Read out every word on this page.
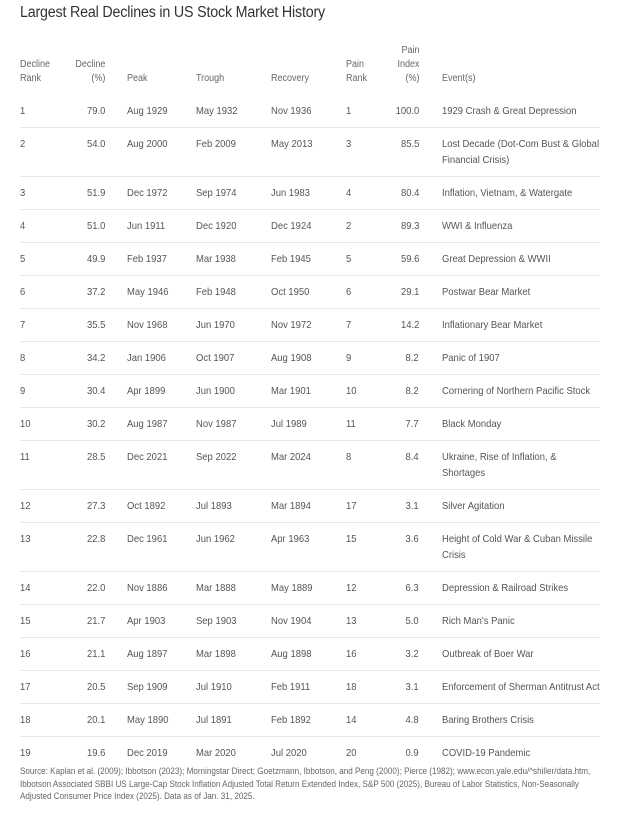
Largest Real Declines in US Stock Market History
Decline
Rank	Decline
(%)		Peak	Trough	Recovery	Pain
Rank	Pain
Index
(%)		Event(s)
1	79.0		Aug 1929	May 1932	Nov 1936	1	100.0		1929 Crash & Great Depression

2	54.0		Aug 2000	Feb 2009	May 2013	3	85.5		Lost Decade (Dot-Com Bust & Global Financial Crisis)

3	51.9		Dec 1972	Sep 1974	Jun 1983	4	80.4		Inflation, Vietnam, & Watergate

4	51.0		Jun 1911	Dec 1920	Dec 1924	2	89.3		WWI & Influenza

5	49.9		Feb 1937	Mar 1938	Feb 1945	5	59.6		Great Depression & WWII

6	37.2		May 1946	Feb 1948	Oct 1950	6	29.1		Postwar Bear Market

7	35.5		Nov 1968	Jun 1970	Nov 1972	7	14.2		Inflationary Bear Market

8	34.2		Jan 1906	Oct 1907	Aug 1908	9	8.2		Panic of 1907

9	30.4		Apr 1899	Jun 1900	Mar 1901	10	8.2		Cornering of Northern Pacific Stock

10	30.2		Aug 1987	Nov 1987	Jul 1989	11	7.7		Black Monday

11	28.5		Dec 2021	Sep 2022	Mar 2024	8	8.4		Ukraine, Rise of Inflation, & Shortages

12	27.3		Oct 1892	Jul 1893	Mar 1894	17	3.1		Silver Agitation

13	22.8		Dec 1961	Jun 1962	Apr 1963	15	3.6		Height of Cold War & Cuban Missile Crisis

14	22.0		Nov 1886	Mar 1888	May 1889	12	6.3		Depression & Railroad Strikes

15	21.7		Apr 1903	Sep 1903	Nov 1904	13	5.0		Rich Man's Panic

16	21.1		Aug 1897	Mar 1898	Aug 1898	16	3.2		Outbreak of Boer War

17	20.5		Sep 1909	Jul 1910	Feb 1911	18	3.1		Enforcement of Sherman Antitrust Act

18	20.1		May 1890	Jul 1891	Feb 1892	14	4.8		Baring Brothers Crisis

19	19.6		Dec 2019	Mar 2020	Jul 2020	20	0.9		COVID-19 Pandemic
Source: Kaplan et al. (2009); Ibbotson (2023); Morningstar Direct; Goetzmann, Ibbotson, and Peng (2000); Pierce (1982); www.econ.yale.edu/^shiller/data.htm, Ibbotson Associated SBBI US Large-Cap Stock Inflation Adjusted Total Return Extended Index, S&P 500 (2025), Bureau of Labor Statistics, Non-Seasonally Adjusted Consumer Price Index (2025). Data as of Jan. 31, 2025.
